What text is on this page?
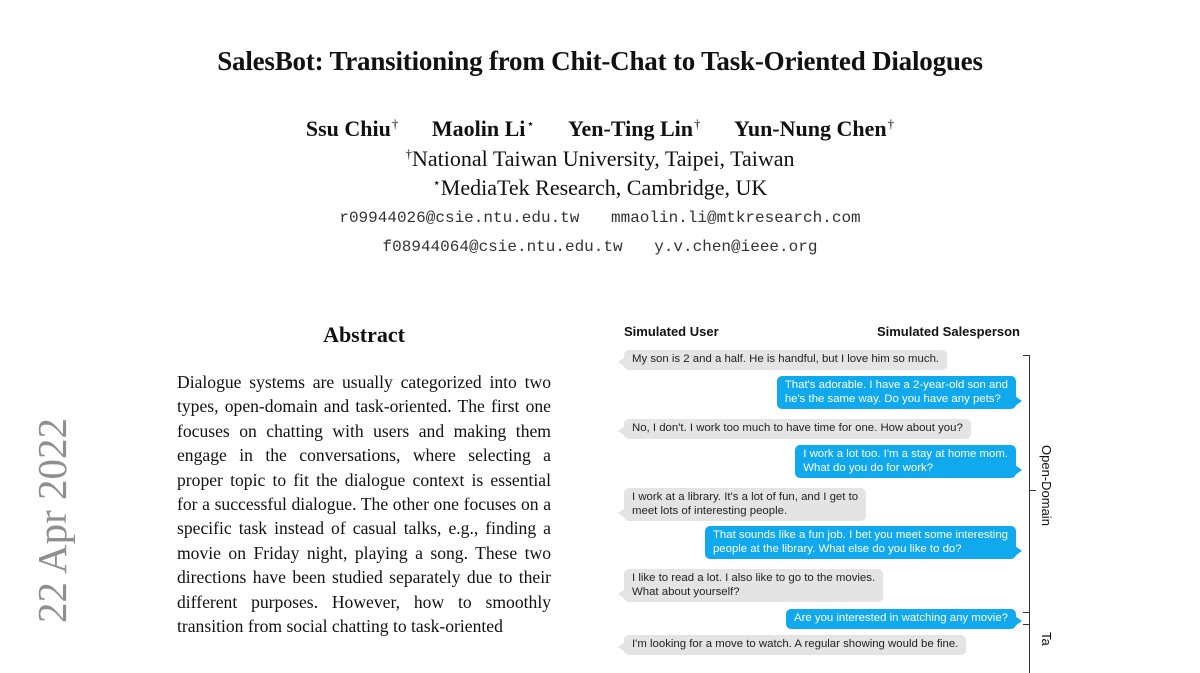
SalesBot: Transitioning from Chit-Chat to Task-Oriented Dialogues
Ssu Chiu† Maolin Li⋆ Yen-Ting Lin† Yun-Nung Chen†
†National Taiwan University, Taipei, Taiwan
⋆MediaTek Research, Cambridge, UK
r09944026@csie.ntu.edu.tw mmaolin.li@mtkresearch.com
f08944064@csie.ntu.edu.tw y.v.chen@ieee.org
22 Apr 2022
Abstract
Dialogue systems are usually categorized into two types, open-domain and task-oriented. The first one focuses on chatting with users and making them engage in the conversations, where selecting a proper topic to fit the dialogue context is essential for a successful dialogue. The other one focuses on a specific task instead of casual talks, e.g., finding a movie on Friday night, playing a song. These two directions have been studied separately due to their different purposes. However, how to smoothly transition from social chatting to task-oriented
Simulated User	Simulated Salesperson
My son is 2 and a half. He is handful, but I love him so much.
That's adorable. I have a 2-year-old son and
he's the same way. Do you have any pets?
No, I don't. I work too much to have time for one. How about you?
I work a lot too. I'm a stay at home mom.
What do you do for work?
I work at a library. It's a lot of fun, and I get to
meet lots of interesting people.
That sounds like a fun job. I bet you meet some interesting
people at the library. What else do you like to do?
I like to read a lot. I also like to go to the movies.
What about yourself?
Are you interested in watching any movie?
I'm looking for a move to watch. A regular showing would be fine.
Open-Domain
Ta
